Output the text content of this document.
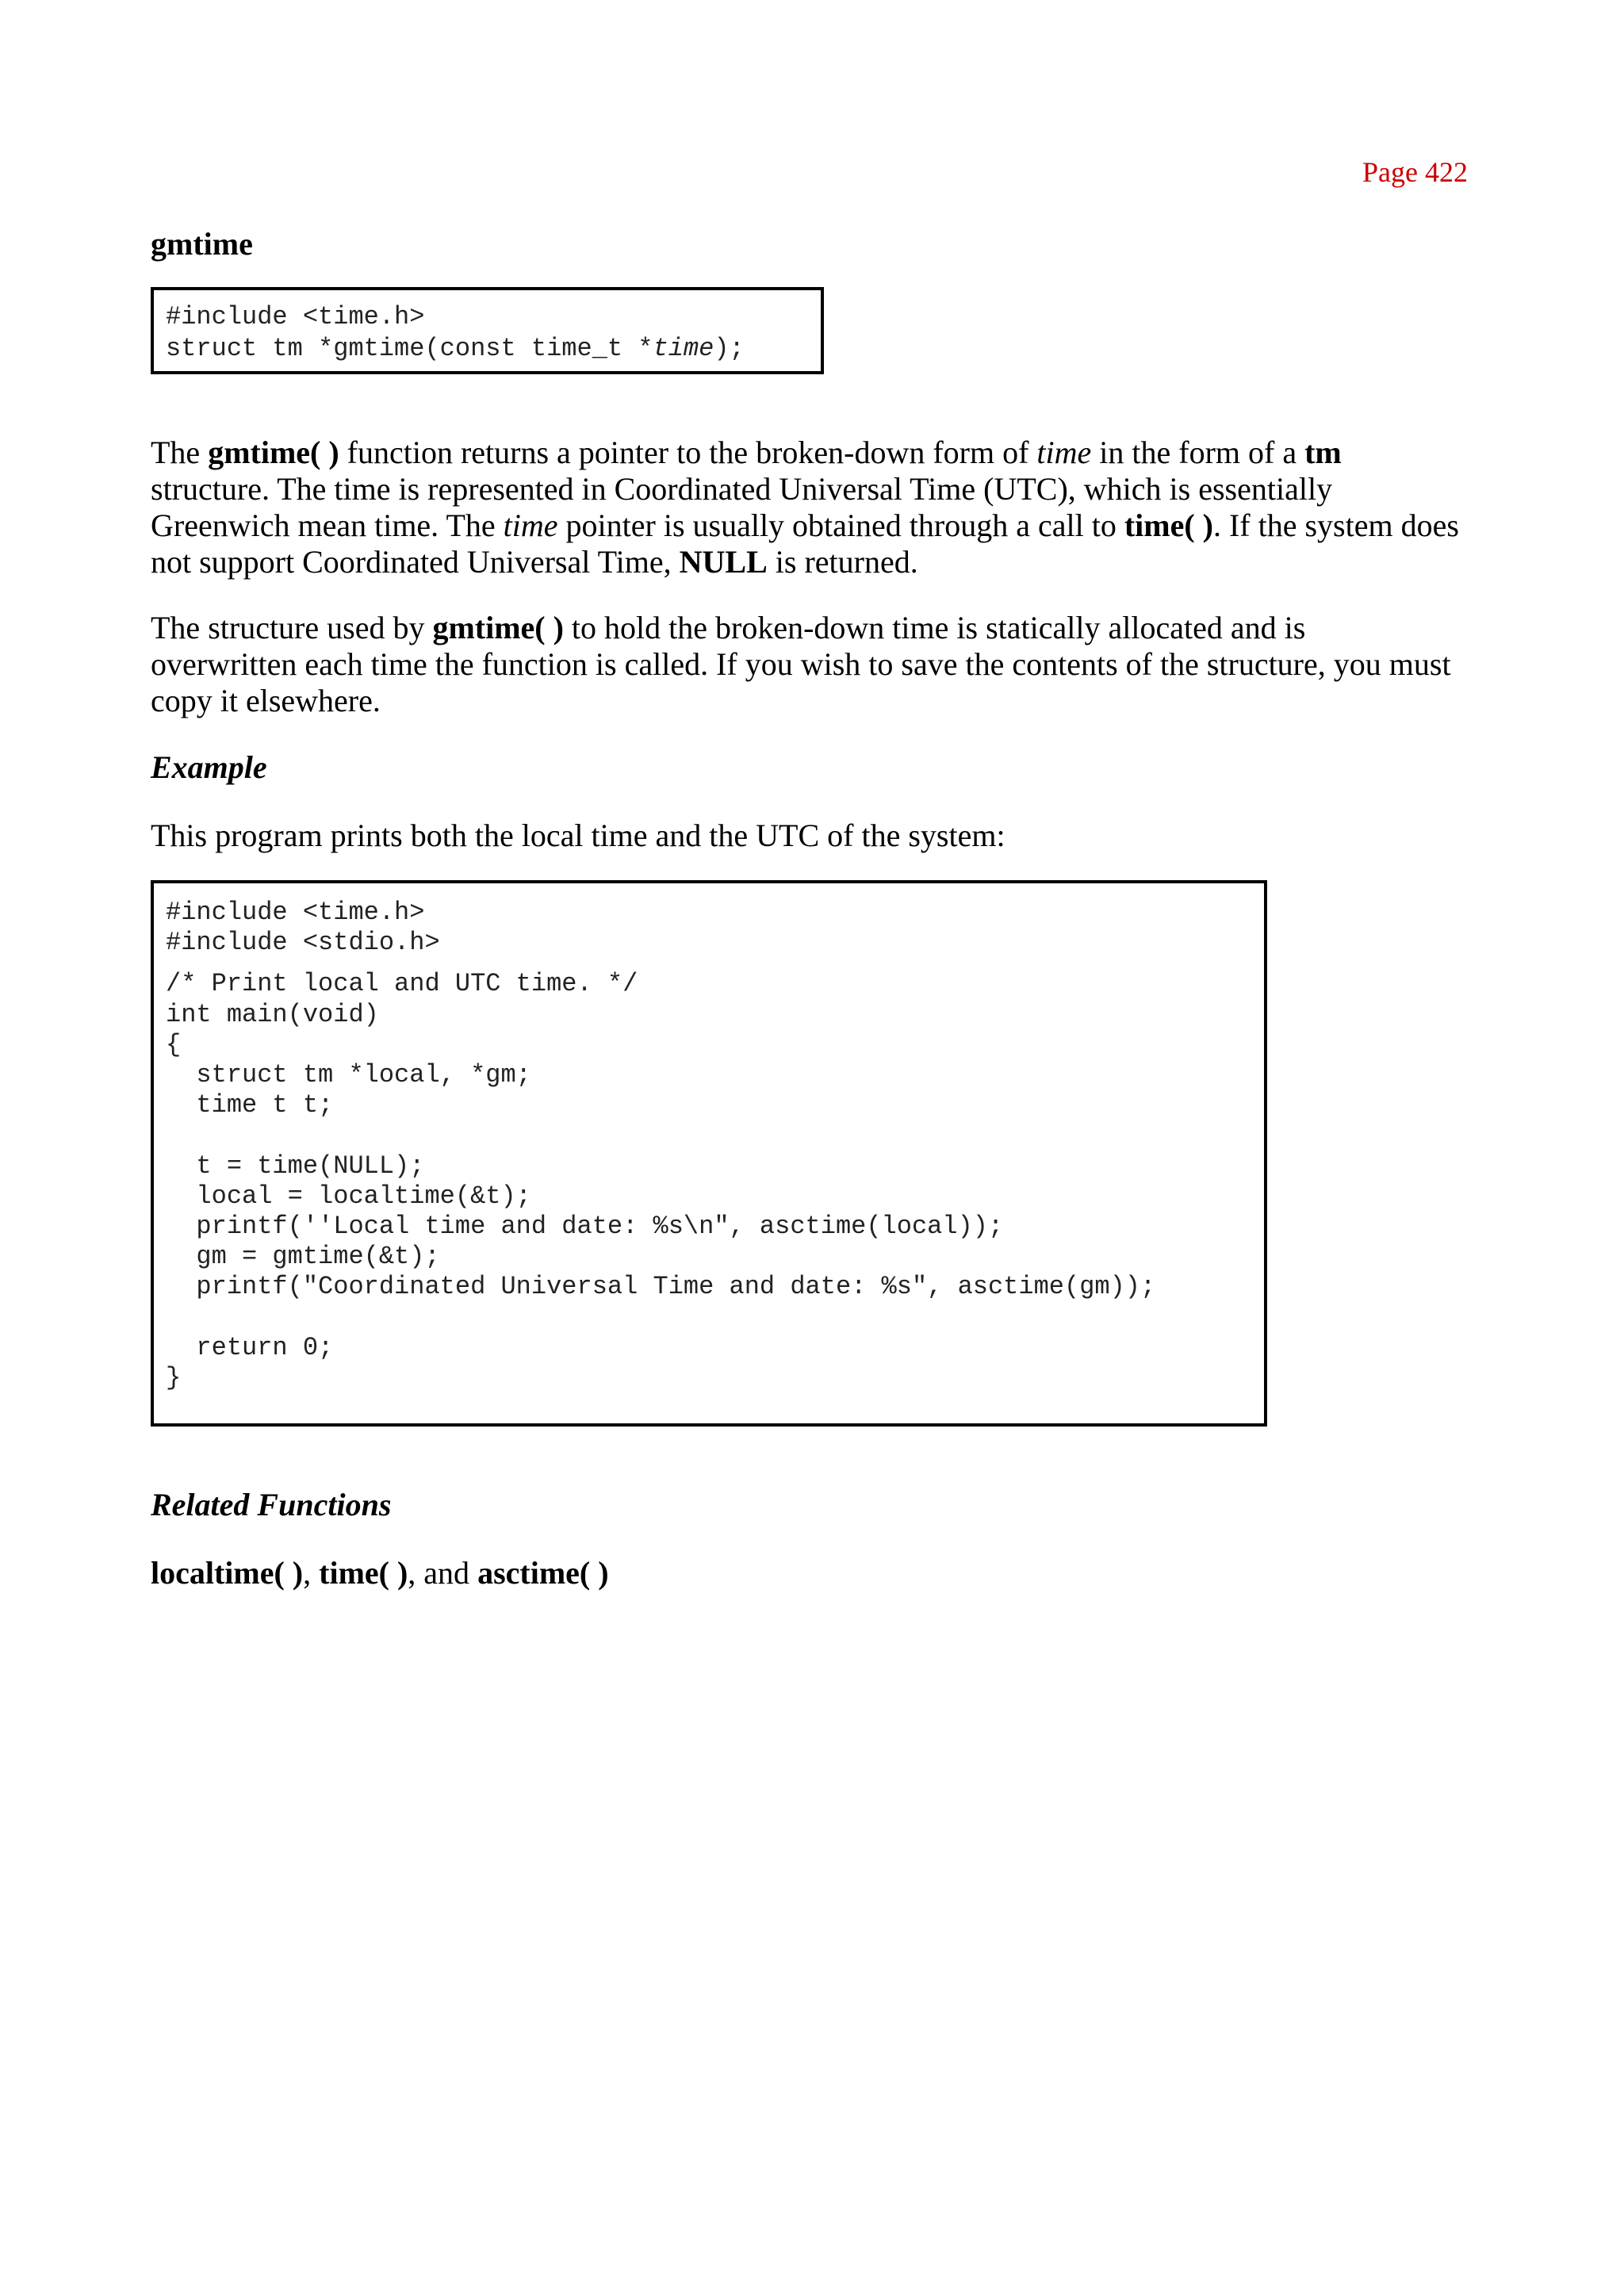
Page 422
gmtime
#include <time.h>
struct tm *gmtime(const time_t *time);

The gmtime( ) function returns a pointer to the broken-down form of time in the form of a tm structure. The time is represented in Coordinated Universal Time (UTC), which is essentially Greenwich mean time. The time pointer is usually obtained through a call to time( ). If the system does not support Coordinated Universal Time, NULL is returned.

The structure used by gmtime( ) to hold the broken-down time is statically allocated and is overwritten each time the function is called. If you wish to save the contents of the structure, you must copy it elsewhere.

Example

This program prints both the local time and the UTC of the system:

#include <time.h>
#include <stdio.h>
/* Print local and UTC time. */
int main(void)
{
struct tm *local, *gm;
time t t;
t = time(NULL);
local = localtime(&t);
printf(''Local time and date: %s\n", asctime(local));
gm = gmtime(&t);
printf("Coordinated Universal Time and date: %s", asctime(gm));
return 0;
}
Related Functions

localtime( ), time( ), and asctime( )
